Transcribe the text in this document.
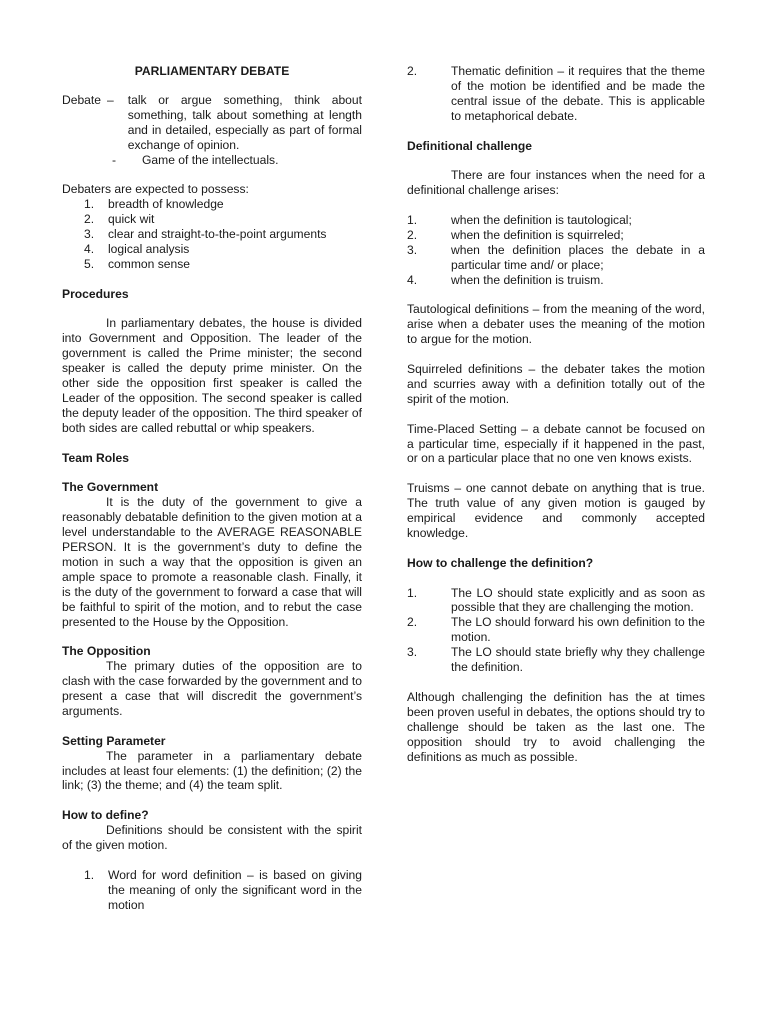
PARLIAMENTARY DEBATE

Debate –	talk or argue something, think about something, talk about something at length and in detailed, especially as part of formal exchange of opinion.
-	Game of the intellectuals.

Debaters are expected to possess:

1.	breadth of knowledge
2.	quick wit
3.	clear and straight-to-the-point arguments
4.	logical analysis
5.	common sense

Procedures

In parliamentary debates, the house is divided into Government and Opposition. The leader of the government is called the Prime minister; the second speaker is called the deputy prime minister. On the other side the opposition first speaker is called the Leader of the opposition. The second speaker is called the deputy leader of the opposition. The third speaker of both sides are called rebuttal or whip speakers.

Team Roles

The Government

It is the duty of the government to give a reasonably debatable definition to the given motion at a level understandable to the AVERAGE REASONABLE PERSON. It is the government’s duty to define the motion in such a way that the opposition is given an ample space to promote a reasonable clash. Finally, it is the duty of the government to forward a case that will be faithful to spirit of the motion, and to rebut the case presented to the House by the Opposition.

The Opposition

The primary duties of the opposition are to clash with the case forwarded by the government and to present a case that will discredit the government’s arguments.

Setting Parameter

The parameter in a parliamentary debate includes at least four elements: (1) the definition; (2) the link; (3) the theme; and (4) the team split.

How to define?

Definitions should be consistent with the spirit of the given motion.

1.	Word for word definition – is based on giving the meaning of only the significant word in the motion
2.	Thematic definition – it requires that the theme of the motion be identified and be made the central issue of the debate. This is applicable to metaphorical debate.

Definitional challenge

There are four instances when the need for a definitional challenge arises:

1.	when the definition is tautological;
2.	when the definition is squirreled;
3.	when the definition places the debate in a particular time and/ or place;
4.	when the definition is truism.

Tautological definitions – from the meaning of the word, arise when a debater uses the meaning of the motion to argue for the motion.

Squirreled definitions – the debater takes the motion and scurries away with a definition totally out of the spirit of the motion.

Time-Placed Setting – a debate cannot be focused on a particular time, especially if it happened in the past, or on a particular place that no one ven knows exists.

Truisms – one cannot debate on anything that is true. The truth value of any given motion is gauged by empirical evidence and commonly accepted knowledge.

How to challenge the definition?

1.	The LO should state explicitly and as soon as possible that they are challenging the motion.
2.	The LO should forward his own definition to the motion.
3.	The LO should state briefly why they challenge the definition.

Although challenging the definition has the at times been proven useful in debates, the options should try to challenge should be taken as the last one. The opposition should try to avoid challenging the definitions as much as possible.
